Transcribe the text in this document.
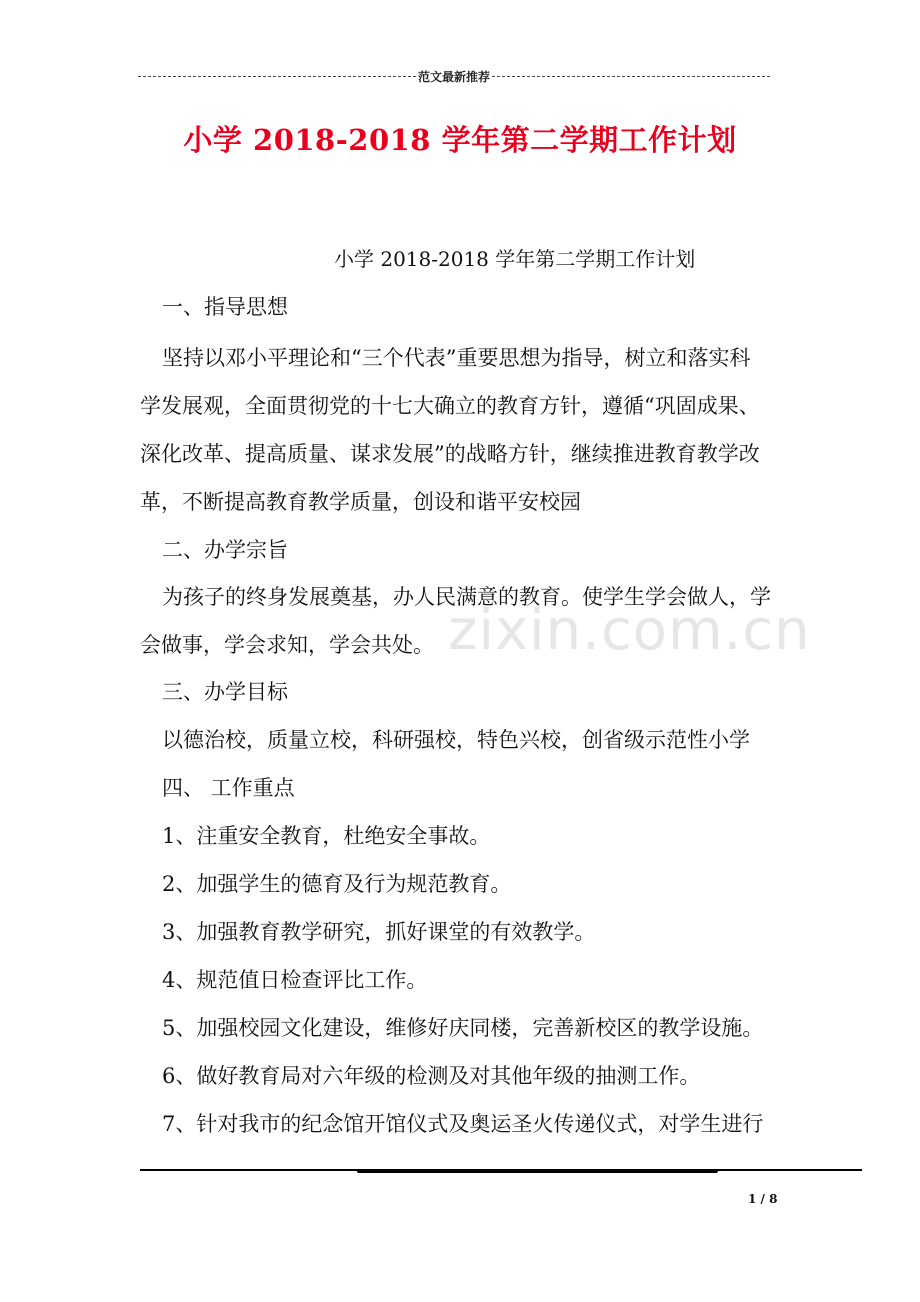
范文最新推荐
小学 2018-2018 学年第二学期工作计划
小学 2018-2018 学年第二学期工作计划
一、指导思想
坚持以邓小平理论和“三个代表”重要思想为指导，树立和落实科
学发展观，全面贯彻党的十七大确立的教育方针，遵循“巩固成果、
深化改革、提高质量、谋求发展”的战略方针，继续推进教育教学改
革，不断提高教育教学质量，创设和谐平安校园
二、办学宗旨
为孩子的终身发展奠基，办人民满意的教育。使学生学会做人，学
会做事，学会求知，学会共处。
三、办学目标
以德治校，质量立校，科研强校，特色兴校，创省级示范性小学
四、 工作重点
1、注重安全教育，杜绝安全事故。
2、加强学生的德育及行为规范教育。
3、加强教育教学研究，抓好课堂的有效教学。
4、规范值日检查评比工作。
5、加强校园文化建设，维修好庆同楼，完善新校区的教学设施。
6、做好教育局对六年级的检测及对其他年级的抽测工作。
7、针对我市的纪念馆开馆仪式及奥运圣火传递仪式，对学生进行
zixin.com.cn
1 / 8
